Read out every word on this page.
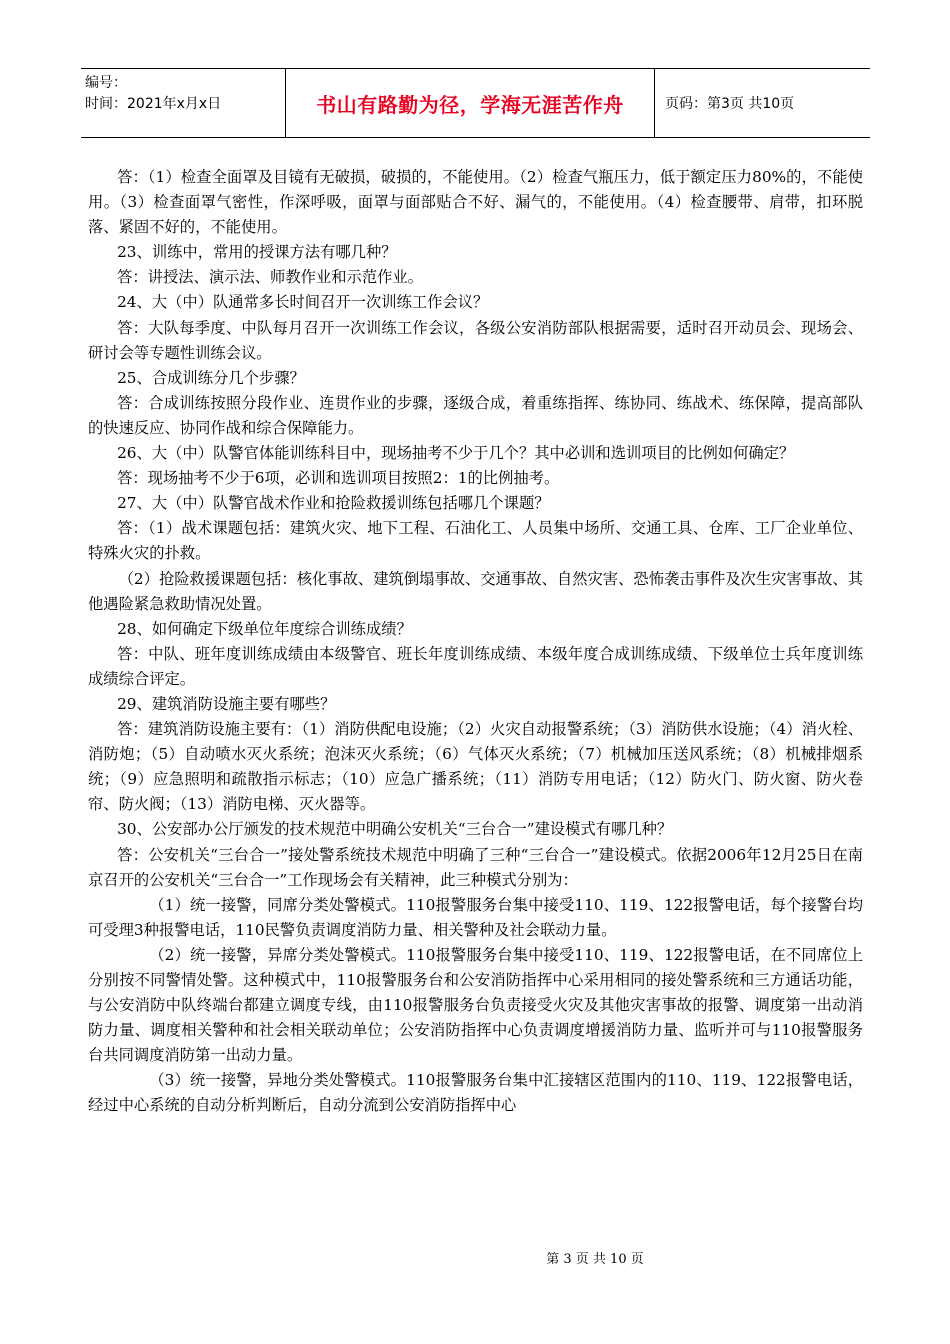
编号：
时间：2021年x月x日	书山有路勤为径，学海无涯苦作舟	页码：第3页 共10页

答：（1）检查全面罩及目镜有无破损，破损的，不能使用。（2）检查气瓶压力，低于额定压力80%的，不能使用。（3）检查面罩气密性，作深呼吸，面罩与面部贴合不好、漏气的，不能使用。（4）检查腰带、肩带，扣环脱落、紧固不好的，不能使用。

23、训练中，常用的授课方法有哪几种？

答：讲授法、演示法、师教作业和示范作业。

24、大（中）队通常多长时间召开一次训练工作会议？

答：大队每季度、中队每月召开一次训练工作会议，各级公安消防部队根据需要，适时召开动员会、现场会、研讨会等专题性训练会议。

25、合成训练分几个步骤？

答：合成训练按照分段作业、连贯作业的步骤，逐级合成，着重练指挥、练协同、练战术、练保障，提高部队的快速反应、协同作战和综合保障能力。

26、大（中）队警官体能训练科目中，现场抽考不少于几个？其中必训和选训项目的比例如何确定？

答：现场抽考不少于6项，必训和选训项目按照2：1的比例抽考。

27、大（中）队警官战术作业和抢险救援训练包括哪几个课题？

答：（1）战术课题包括：建筑火灾、地下工程、石油化工、人员集中场所、交通工具、仓库、工厂企业单位、特殊火灾的扑救。

（2）抢险救援课题包括：核化事故、建筑倒塌事故、交通事故、自然灾害、恐怖袭击事件及次生灾害事故、其他遇险紧急救助情况处置。

28、如何确定下级单位年度综合训练成绩？

答：中队、班年度训练成绩由本级警官、班长年度训练成绩、本级年度合成训练成绩、下级单位士兵年度训练成绩综合评定。

29、建筑消防设施主要有哪些？

答：建筑消防设施主要有：（1）消防供配电设施；（2）火灾自动报警系统；（3）消防供水设施；（4）消火栓、消防炮；（5）自动喷水灭火系统；泡沫灭火系统；（6）气体灭火系统；（7）机械加压送风系统；（8）机械排烟系统；（9）应急照明和疏散指示标志；（10）应急广播系统；（11）消防专用电话；（12）防火门、防火窗、防火卷帘、防火阀；（13）消防电梯、灭火器等。

30、公安部办公厅颁发的技术规范中明确公安机关“三台合一”建设模式有哪几种？

答：公安机关“三台合一”接处警系统技术规范中明确了三种“三台合一”建设模式。依据2006年12月25日在南京召开的公安机关“三台合一”工作现场会有关精神，此三种模式分别为：

（1）统一接警，同席分类处警模式。110报警服务台集中接受110、119、122报警电话，每个接警台均可受理3种报警电话，110民警负责调度消防力量、相关警种及社会联动力量。

（2）统一接警，异席分类处警模式。110报警服务台集中接受110、119、122报警电话，在不同席位上分别按不同警情处警。这种模式中，110报警服务台和公安消防指挥中心采用相同的接处警系统和三方通话功能，与公安消防中队终端台都建立调度专线，由110报警服务台负责接受火灾及其他灾害事故的报警、调度第一出动消防力量、调度相关警种和社会相关联动单位；公安消防指挥中心负责调度增援消防力量、监听并可与110报警服务台共同调度消防第一出动力量。

（3）统一接警，异地分类处警模式。110报警服务台集中汇接辖区范围内的110、119、122报警电话，经过中心系统的自动分析判断后，自动分流到公安消防指挥中心

第 3 页 共 10 页
